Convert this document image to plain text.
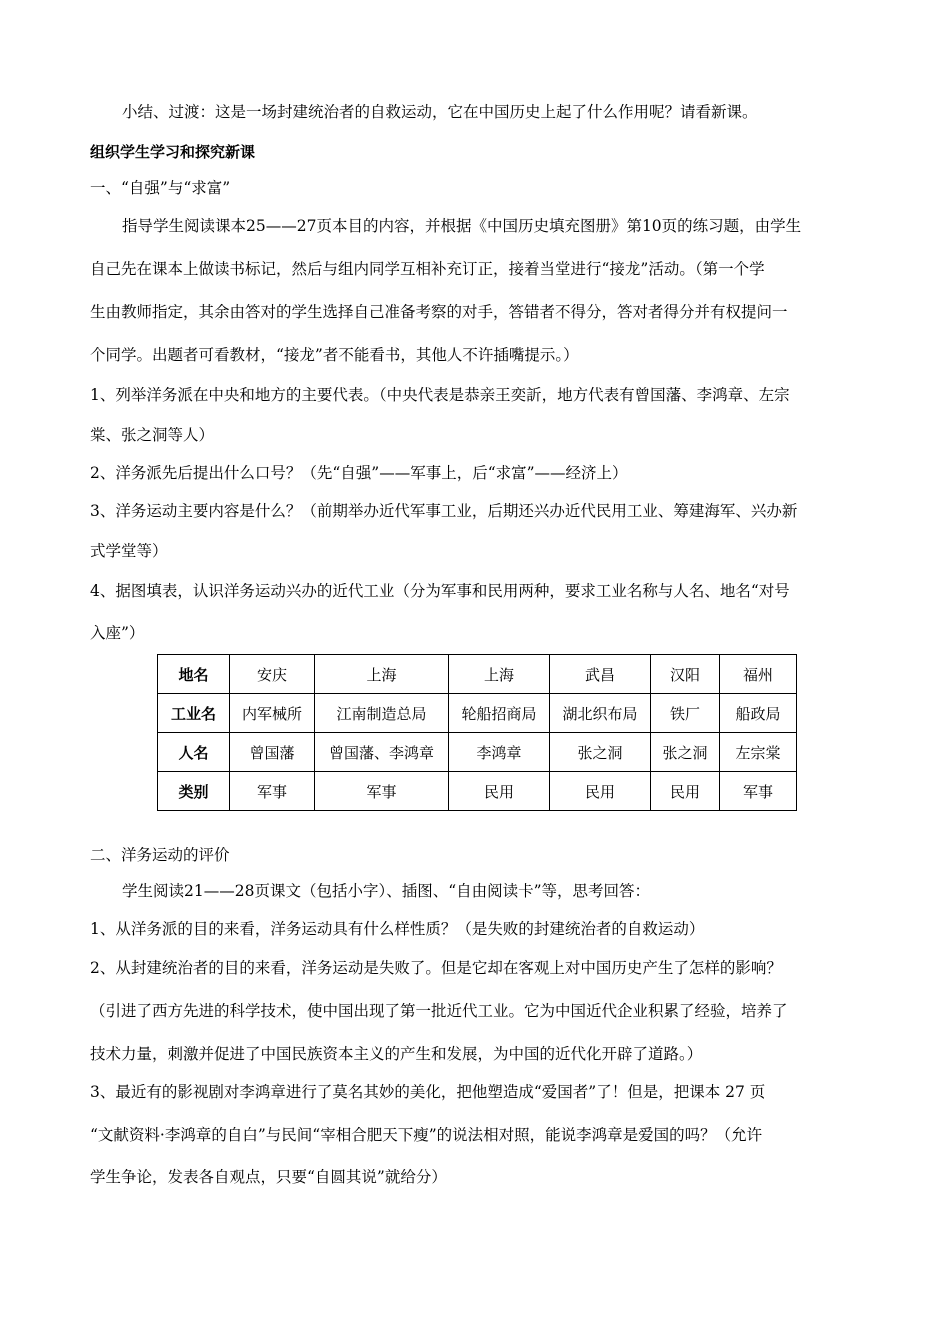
小结、过渡：这是一场封建统治者的自救运动，它在中国历史上起了什么作用呢？请看新课。
组织学生学习和探究新课
一、“自强”与“求富”
指导学生阅读课本25——27页本目的内容，并根据《中国历史填充图册》第10页的练习题，由学生
自己先在课本上做读书标记，然后与组内同学互相补充订正，接着当堂进行“接龙”活动。（第一个学
生由教师指定，其余由答对的学生选择自己准备考察的对手，答错者不得分，答对者得分并有权提问一
个同学。出题者可看教材，“接龙”者不能看书，其他人不许插嘴提示。）
1、列举洋务派在中央和地方的主要代表。（中央代表是恭亲王奕訢，地方代表有曾国藩、李鸿章、左宗
棠、张之洞等人）
2、洋务派先后提出什么口号？（先“自强”——军事上，后“求富”——经济上）
3、洋务运动主要内容是什么？（前期举办近代军事工业，后期还兴办近代民用工业、筹建海军、兴办新
式学堂等）
4、据图填表，认识洋务运动兴办的近代工业（分为军事和民用两种，要求工业名称与人名、地名“对号
入座”）
地名	安庆	上海	上海	武昌	汉阳	福州
工业名	内军械所	江南制造总局	轮船招商局	湖北织布局	铁厂	船政局
人名	曾国藩	曾国藩、李鸿章	李鸿章	张之洞	张之洞	左宗棠
类别	军事	军事	民用	民用	民用	军事
二、洋务运动的评价
学生阅读21——28页课文（包括小字）、插图、“自由阅读卡”等，思考回答：
1、从洋务派的目的来看，洋务运动具有什么样性质？（是失败的封建统治者的自救运动）
2、从封建统治者的目的来看，洋务运动是失败了。但是它却在客观上对中国历史产生了怎样的影响？
（引进了西方先进的科学技术，使中国出现了第一批近代工业。它为中国近代企业积累了经验，培养了
技术力量，刺激并促进了中国民族资本主义的产生和发展，为中国的近代化开辟了道路。）
3、最近有的影视剧对李鸿章进行了莫名其妙的美化，把他塑造成“爱国者”了！但是，把课本 27 页
“文献资料·李鸿章的自白”与民间“宰相合肥天下瘦”的说法相对照，能说李鸿章是爱国的吗？（允许
学生争论，发表各自观点，只要“自圆其说”就给分）
